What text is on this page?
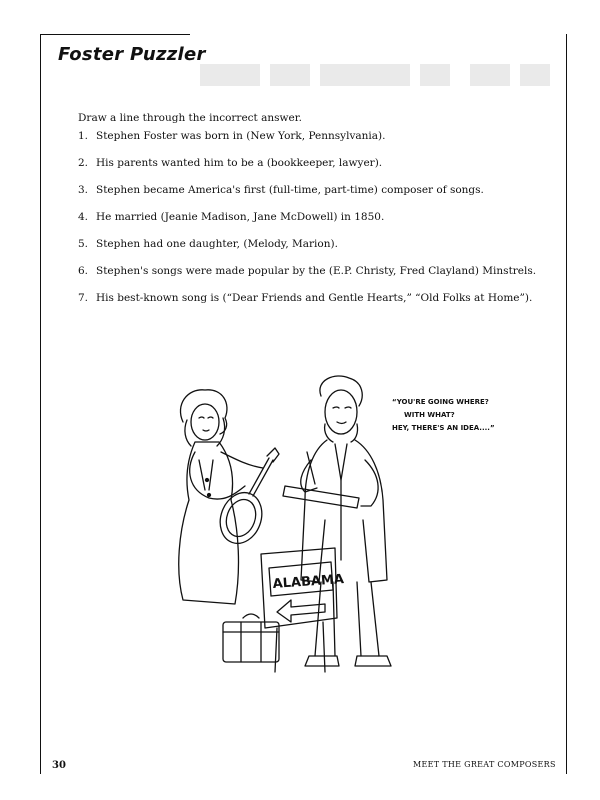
Foster Puzzler
Draw a line through the incorrect answer.
1. Stephen Foster was born in (New York, Pennsylvania).
2. His parents wanted him to be a (bookkeeper, lawyer).
3. Stephen became America's first (full-time, part-time) composer of songs.
4. He married (Jeanie Madison, Jane McDowell) in 1850.
5. Stephen had one daughter, (Melody, Marion).
6. Stephen's songs were made popular by the (E.P. Christy, Fred Clayland) Minstrels.
7. His best-known song is (“Dear Friends and Gentle Hearts,” “Old Folks at Home”).
“YOU'RE GOING WHERE?
WITH WHAT?
HEY, THERE'S AN IDEA....”
ALABAMA
30	MEET THE GREAT COMPOSERS
